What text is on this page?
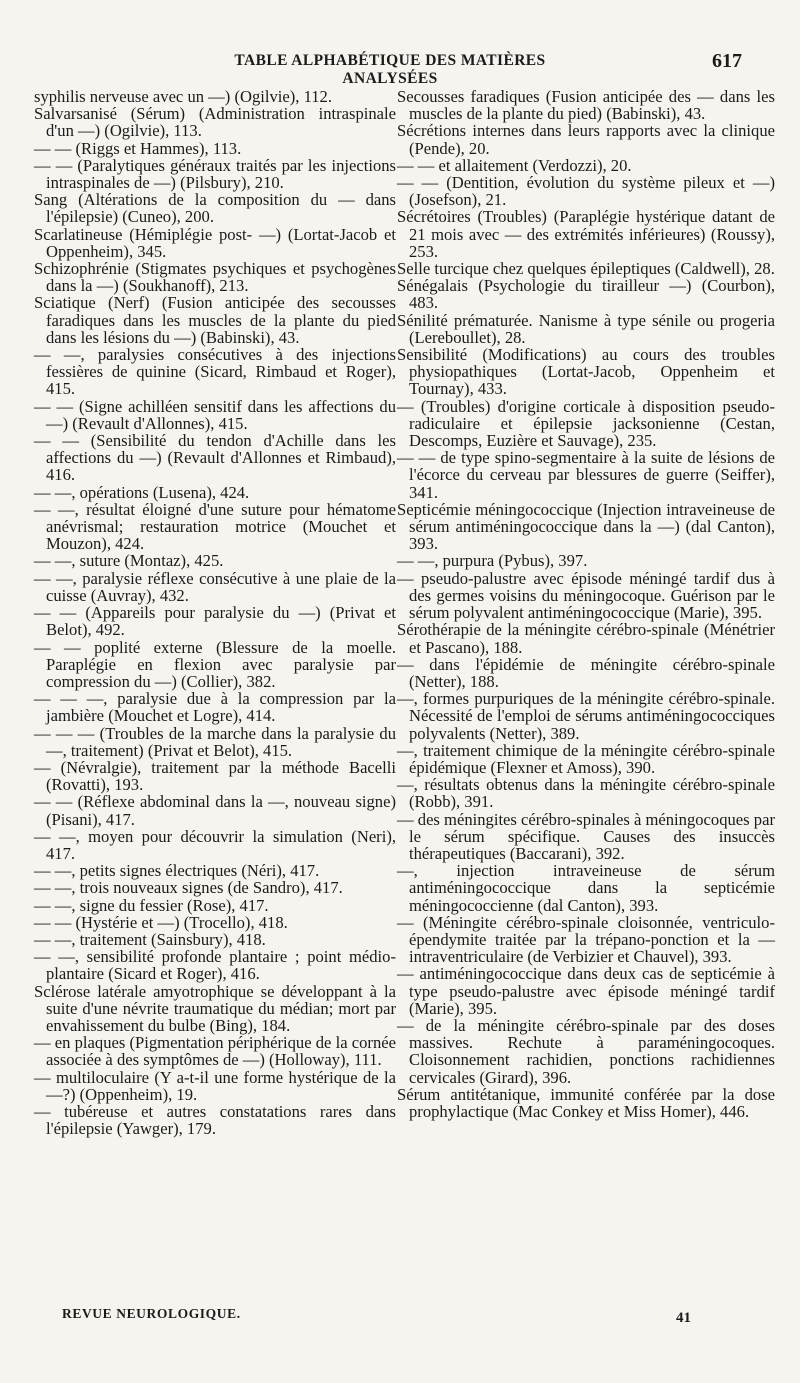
TABLE ALPHABÉTIQUE DES MATIÈRES ANALYSÉES
617
syphilis nerveuse avec un —) (Ogilvie), 112.
Salvarsanisé (Sérum) (Administration intraspinale d'un —) (Ogilvie), 113.
— — (Riggs et Hammes), 113.
— — (Paralytiques généraux traités par les injections intraspinales de —) (Pilsbury), 210.
Sang (Altérations de la composition du — dans l'épilepsie) (Cuneo), 200.
Scarlatineuse (Hémiplégie post- —) (Lortat-Jacob et Oppenheim), 345.
Schizophrénie (Stigmates psychiques et psychogènes dans la —) (Soukhanoff), 213.
Sciatique (Nerf) (Fusion anticipée des secousses faradiques dans les muscles de la plante du pied dans les lésions du —) (Babinski), 43.
— —, paralysies consécutives à des injections fessières de quinine (Sicard, Rimbaud et Roger), 415.
— — (Signe achilléen sensitif dans les affections du —) (Revault d'Allonnes), 415.
— — (Sensibilité du tendon d'Achille dans les affections du —) (Revault d'Allonnes et Rimbaud), 416.
— —, opérations (Lusena), 424.
— —, résultat éloigné d'une suture pour hématome anévrismal; restauration motrice (Mouchet et Mouzon), 424.
— —, suture (Montaz), 425.
— —, paralysie réflexe consécutive à une plaie de la cuisse (Auvray), 432.
— — (Appareils pour paralysie du —) (Privat et Belot), 492.
— — poplité externe (Blessure de la moelle. Paraplégie en flexion avec paralysie par compression du —) (Collier), 382.
— — —, paralysie due à la compression par la jambière (Mouchet et Logre), 414.
— — — (Troubles de la marche dans la paralysie du —, traitement) (Privat et Belot), 415.
— (Névralgie), traitement par la méthode Bacelli (Rovatti), 193.
— — (Réflexe abdominal dans la —, nouveau signe) (Pisani), 417.
— —, moyen pour découvrir la simulation (Neri), 417.
— —, petits signes électriques (Néri), 417.
— —, trois nouveaux signes (de Sandro), 417.
— —, signe du fessier (Rose), 417.
— — (Hystérie et —) (Trocello), 418.
— —, traitement (Sainsbury), 418.
— —, sensibilité profonde plantaire ; point médio-plantaire (Sicard et Roger), 416.
Sclérose latérale amyotrophique se développant à la suite d'une névrite traumatique du médian; mort par envahissement du bulbe (Bing), 184.
— en plaques (Pigmentation périphérique de la cornée associée à des symptômes de —) (Holloway), 111.
— multiloculaire (Y a-t-il une forme hystérique de la —?) (Oppenheim), 19.
— tubéreuse et autres constatations rares dans l'épilepsie (Yawger), 179.
Secousses faradiques (Fusion anticipée des — dans les muscles de la plante du pied) (Babinski), 43.
Sécrétions internes dans leurs rapports avec la clinique (Pende), 20.
— — et allaitement (Verdozzi), 20.
— — (Dentition, évolution du système pileux et —) (Josefson), 21.
Sécrétoires (Troubles) (Paraplégie hystérique datant de 21 mois avec — des extrémités inférieures) (Roussy), 253.
Selle turcique chez quelques épileptiques (Caldwell), 28.
Sénégalais (Psychologie du tirailleur —) (Courbon), 483.
Sénilité prématurée. Nanisme à type sénile ou progeria (Lereboullet), 28.
Sensibilité (Modifications) au cours des troubles physiopathiques (Lortat-Jacob, Oppenheim et Tournay), 433.
— (Troubles) d'origine corticale à disposition pseudo-radiculaire et épilepsie jacksonienne (Cestan, Descomps, Euzière et Sauvage), 235.
— — de type spino-segmentaire à la suite de lésions de l'écorce du cerveau par blessures de guerre (Seiffer), 341.
Septicémie méningococcique (Injection intraveineuse de sérum antiméningococcique dans la —) (dal Canton), 393.
— —, purpura (Pybus), 397.
— pseudo-palustre avec épisode méningé tardif dus à des germes voisins du méningocoque. Guérison par le sérum polyvalent antiméningococcique (Marie), 395.
Sérothérapie de la méningite cérébro-spinale (Ménétrier et Pascano), 188.
— dans l'épidémie de méningite cérébro-spinale (Netter), 188.
—, formes purpuriques de la méningite cérébro-spinale. Nécessité de l'emploi de sérums antiméningococciques polyvalents (Netter), 389.
—, traitement chimique de la méningite cérébro-spinale épidémique (Flexner et Amoss), 390.
—, résultats obtenus dans la méningite cérébro-spinale (Robb), 391.
— des méningites cérébro-spinales à méningocoques par le sérum spécifique. Causes des insuccès thérapeutiques (Baccarani), 392.
—, injection intraveineuse de sérum antiméningococcique dans la septicémie méningococcienne (dal Canton), 393.
— (Méningite cérébro-spinale cloisonnée, ventriculo-épendymite traitée par la trépano-ponction et la — intraventriculaire (de Verbizier et Chauvel), 393.
— antiméningococcique dans deux cas de septicémie à type pseudo-palustre avec épisode méningé tardif (Marie), 395.
— de la méningite cérébro-spinale par des doses massives. Rechute à paraméningocoques. Cloisonnement rachidien, ponctions rachidiennes cervicales (Girard), 396.
Sérum antitétanique, immunité conférée par la dose prophylactique (Mac Conkey et Miss Homer), 446.
REVUE NEUROLOGIQUE.	41
